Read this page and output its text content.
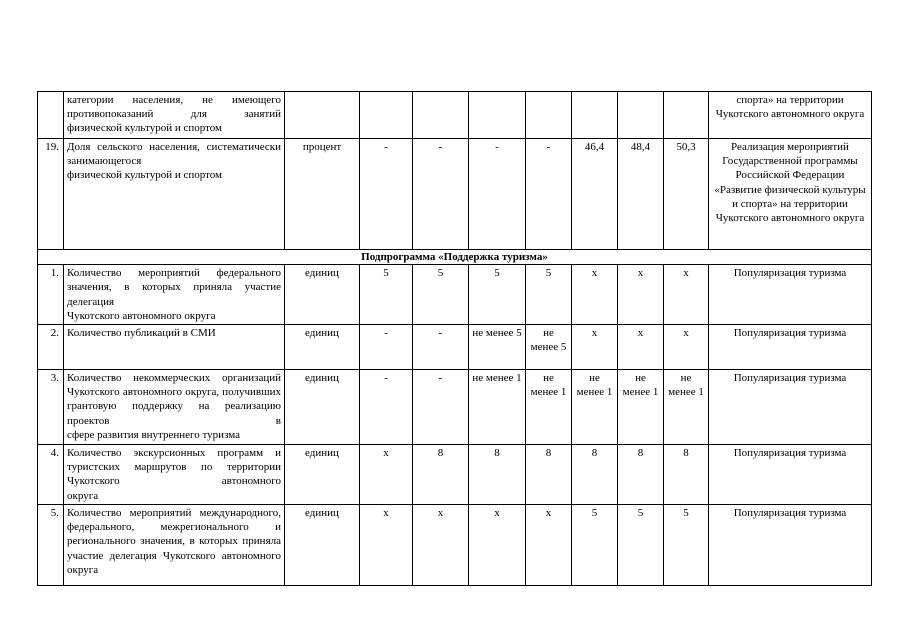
	категории населения, не имеющего противопоказаний для занятий
физической культурой и спортом									спорта» на территории Чукотского автономного округа
19.	Доля сельского населения, систематически занимающегося
физической культурой и спортом	процент	-	-	-	-	46,4	48,4	50,3	Реализация мероприятий Государственной программы Российской Федерации «Развитие физической культуры и спорта» на территории Чукотского автономного округа
Подпрограмма «Поддержка туризма»										
1.	Количество мероприятий федерального значения, в которых приняла участие делегация
Чукотского автономного округа	единиц	5	5	5	5	х	х	х	Популяризация туризма
2.	Количество публикаций в СМИ	единиц	-	-	не менее 5	не менее 5	х	х	х	Популяризация туризма
3.	Количество некоммерческих организаций Чукотского автономного округа, получивших грантовую поддержку на реализацию проектов в
сфере развития внутреннего туризма	единиц	-	-	не менее 1	не менее 1	не менее 1	не менее 1	не менее 1	Популяризация туризма
4.	Количество экскурсионных программ и туристских маршрутов по территории Чукотского автономного
округа	единиц	х	8	8	8	8	8	8	Популяризация туризма
5.	Количество мероприятий международного, федерального, межрегионального и регионального значения, в которых приняла участие делегация Чукотского автономного
округа	единиц	х	х	х	х	5	5	5	Популяризация туризма
